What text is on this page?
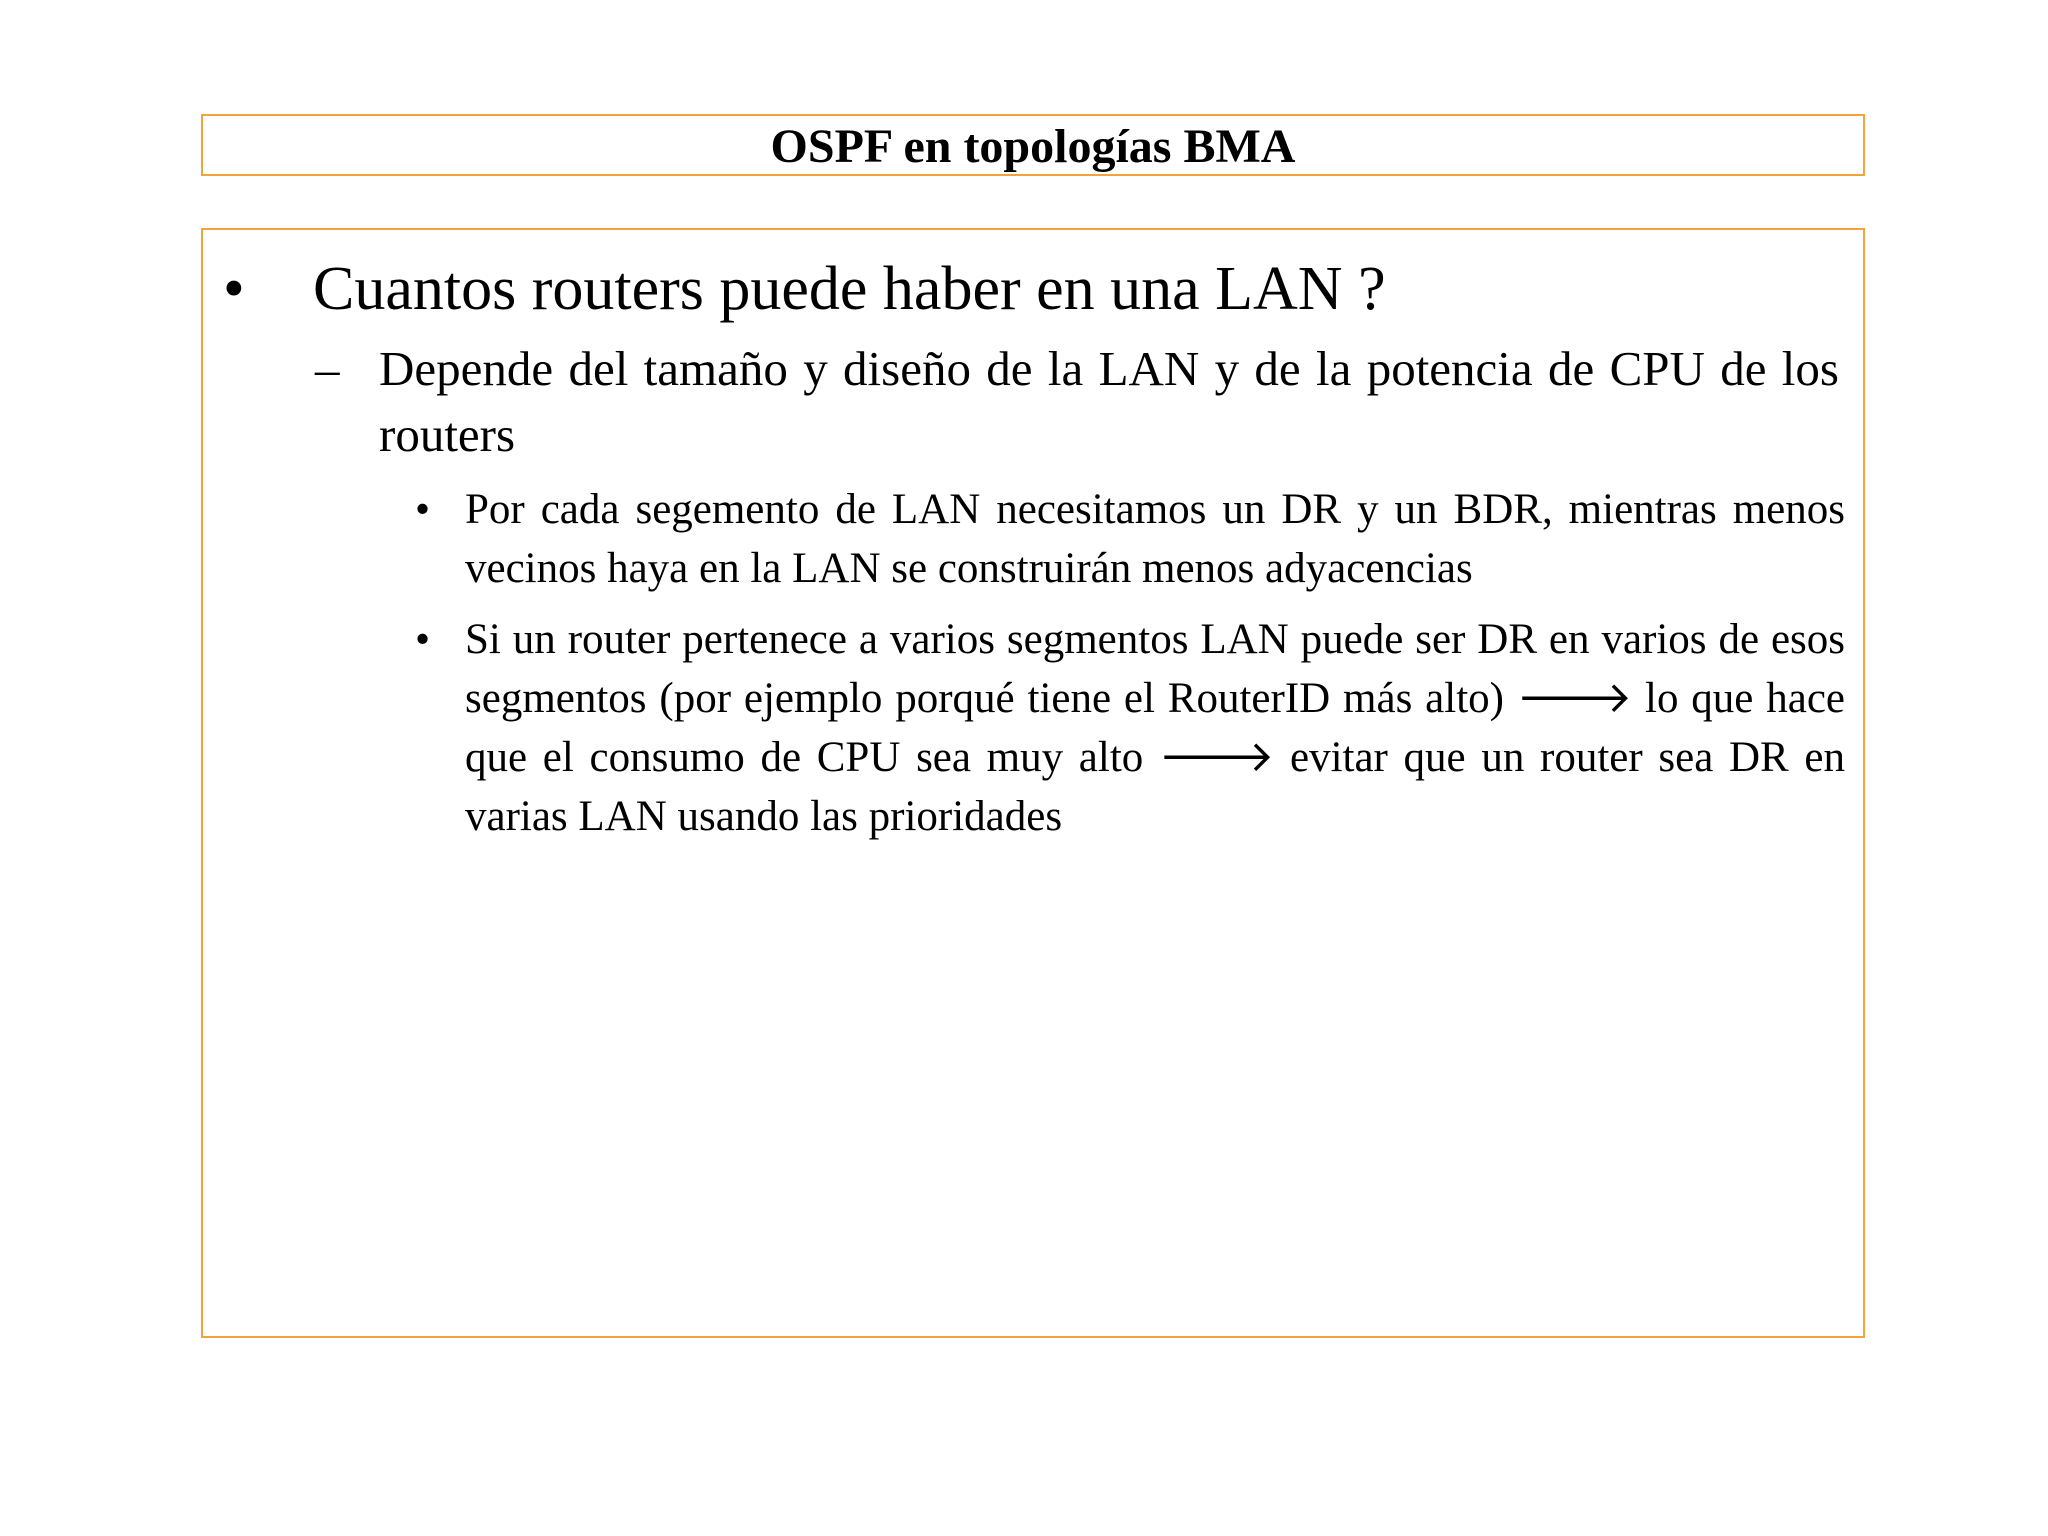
OSPF en topologías BMA
• Cuantos routers puede haber en una LAN ?
– Depende del tamaño y diseño de la LAN y de la potencia de CPU de los routers
• Por cada segemento de LAN necesitamos un DR y un BDR, mientras menos vecinos haya en la LAN se construirán menos adyacencias
• Si un router pertenece a varios segmentos LAN puede ser DR en varios de esos segmentos (por ejemplo porqué tiene el RouterID más alto) 🡒 lo que hace que el consumo de CPU sea muy alto 🡒 evitar que un router sea DR en varias LAN usando las prioridades
